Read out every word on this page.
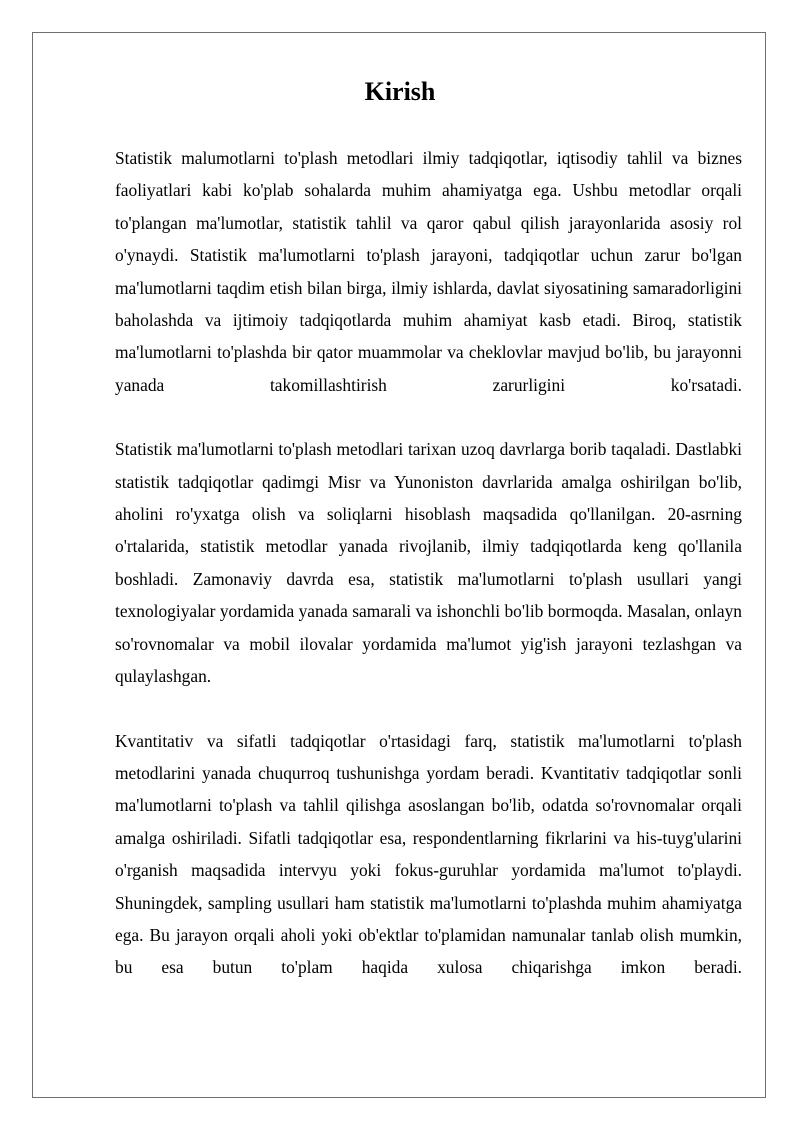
Kirish

Statistik malumotlarni to'plash metodlari ilmiy tadqiqotlar, iqtisodiy tahlil va biznes faoliyatlari kabi ko'plab sohalarda muhim ahamiyatga ega. Ushbu metodlar orqali to'plangan ma'lumotlar, statistik tahlil va qaror qabul qilish jarayonlarida asosiy rol o'ynaydi. Statistik ma'lumotlarni to'plash jarayoni, tadqiqotlar uchun zarur bo'lgan ma'lumotlarni taqdim etish bilan birga, ilmiy ishlarda, davlat siyosatining samaradorligini baholashda va ijtimoiy tadqiqotlarda muhim ahamiyat kasb etadi. Biroq, statistik ma'lumotlarni to'plashda bir qator muammolar va cheklovlar mavjud bo'lib, bu jarayonni yanada takomillashtirish zarurligini ko'rsatadi.

Statistik ma'lumotlarni to'plash metodlari tarixan uzoq davrlarga borib taqaladi. Dastlabki statistik tadqiqotlar qadimgi Misr va Yunoniston davrlarida amalga oshirilgan bo'lib, aholini ro'yxatga olish va soliqlarni hisoblash maqsadida qo'llanilgan. 20-asrning o'rtalarida, statistik metodlar yanada rivojlanib, ilmiy tadqiqotlarda keng qo'llanila boshladi. Zamonaviy davrda esa, statistik ma'lumotlarni to'plash usullari yangi texnologiyalar yordamida yanada samarali va ishonchli bo'lib bormoqda. Masalan, onlayn so'rovnomalar va mobil ilovalar yordamida ma'lumot yig'ish jarayoni tezlashgan va qulaylashgan.

Kvantitativ va sifatli tadqiqotlar o'rtasidagi farq, statistik ma'lumotlarni to'plash metodlarini yanada chuqurroq tushunishga yordam beradi. Kvantitativ tadqiqotlar sonli ma'lumotlarni to'plash va tahlil qilishga asoslangan bo'lib, odatda so'rovnomalar orqali amalga oshiriladi. Sifatli tadqiqotlar esa, respondentlarning fikrlarini va his-tuyg'ularini o'rganish maqsadida intervyu yoki fokus-guruhlar yordamida ma'lumot to'playdi. Shuningdek, sampling usullari ham statistik ma'lumotlarni to'plashda muhim ahamiyatga ega. Bu jarayon orqali aholi yoki ob'ektlar to'plamidan namunalar tanlab olish mumkin, bu esa butun to'plam haqida xulosa chiqarishga imkon beradi.
